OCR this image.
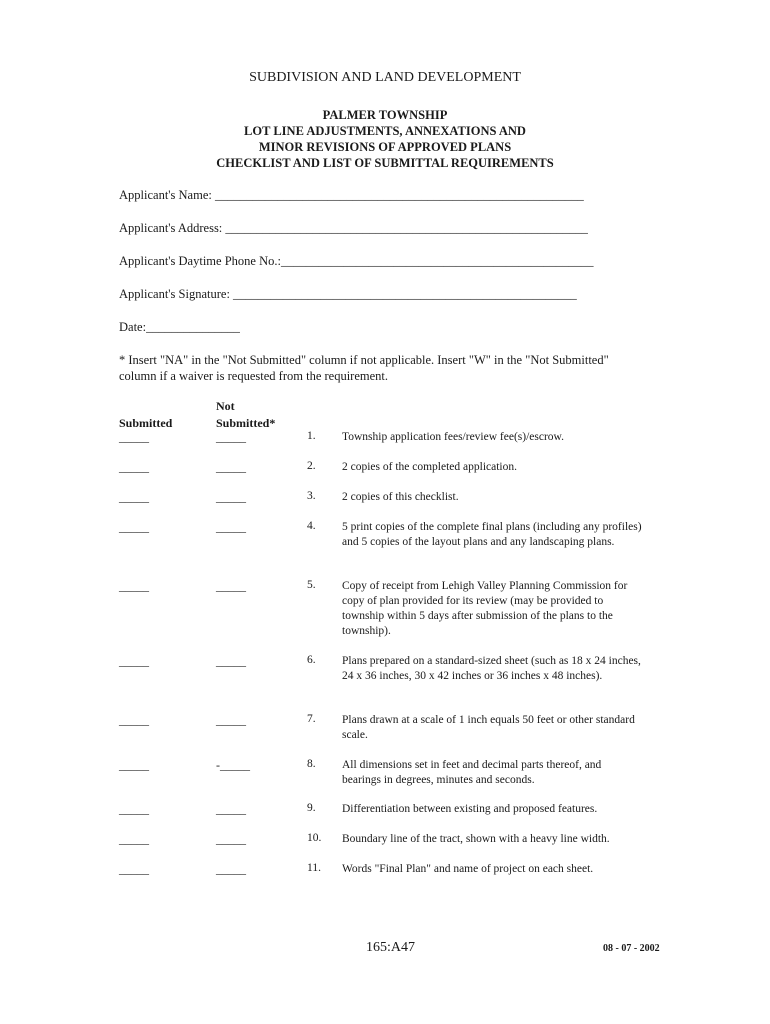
SUBDIVISION AND LAND DEVELOPMENT
PALMER TOWNSHIP
LOT LINE ADJUSTMENTS, ANNEXATIONS AND
MINOR REVISIONS OF APPROVED PLANS
CHECKLIST AND LIST OF SUBMITTAL REQUIREMENTS
Applicant's Name: ___________________________________________________________
Applicant's Address: __________________________________________________________
Applicant's Daytime Phone No.:__________________________________________________
Applicant's Signature: _______________________________________________________
Date:_______________
* Insert "NA" in the "Not Submitted" column if not applicable. Insert "W" in the "Not Submitted" column if a waiver is requested from the requirement.
Submitted
Not
Submitted*
_____	_____	1. Township application fees/review fee(s)/escrow.
_____	_____	2. 2 copies of the completed application.
_____	_____	3. 2 copies of this checklist.
_____	_____	4. 5 print copies of the complete final plans (including any profiles) and 5 copies of the layout plans and any landscaping plans.
_____	_____	5. Copy of receipt from Lehigh Valley Planning Commission for copy of plan provided for its review (may be provided to township within 5 days after submission of the plans to the township).
_____	_____	6. Plans prepared on a standard-sized sheet (such as 18 x 24 inches, 24 x 36 inches, 30 x 42 inches or 36 inches x 48 inches).
_____	_____	7. Plans drawn at a scale of 1 inch equals 50 feet or other standard scale.
_____	-_____	8. All dimensions set in feet and decimal parts thereof, and bearings in degrees, minutes and seconds.
_____	_____	9. Differentiation between existing and proposed features.
_____	_____	10. Boundary line of the tract, shown with a heavy line width.
_____	_____	11. Words "Final Plan" and name of project on each sheet.
165:A47	08 - 07 - 2002
